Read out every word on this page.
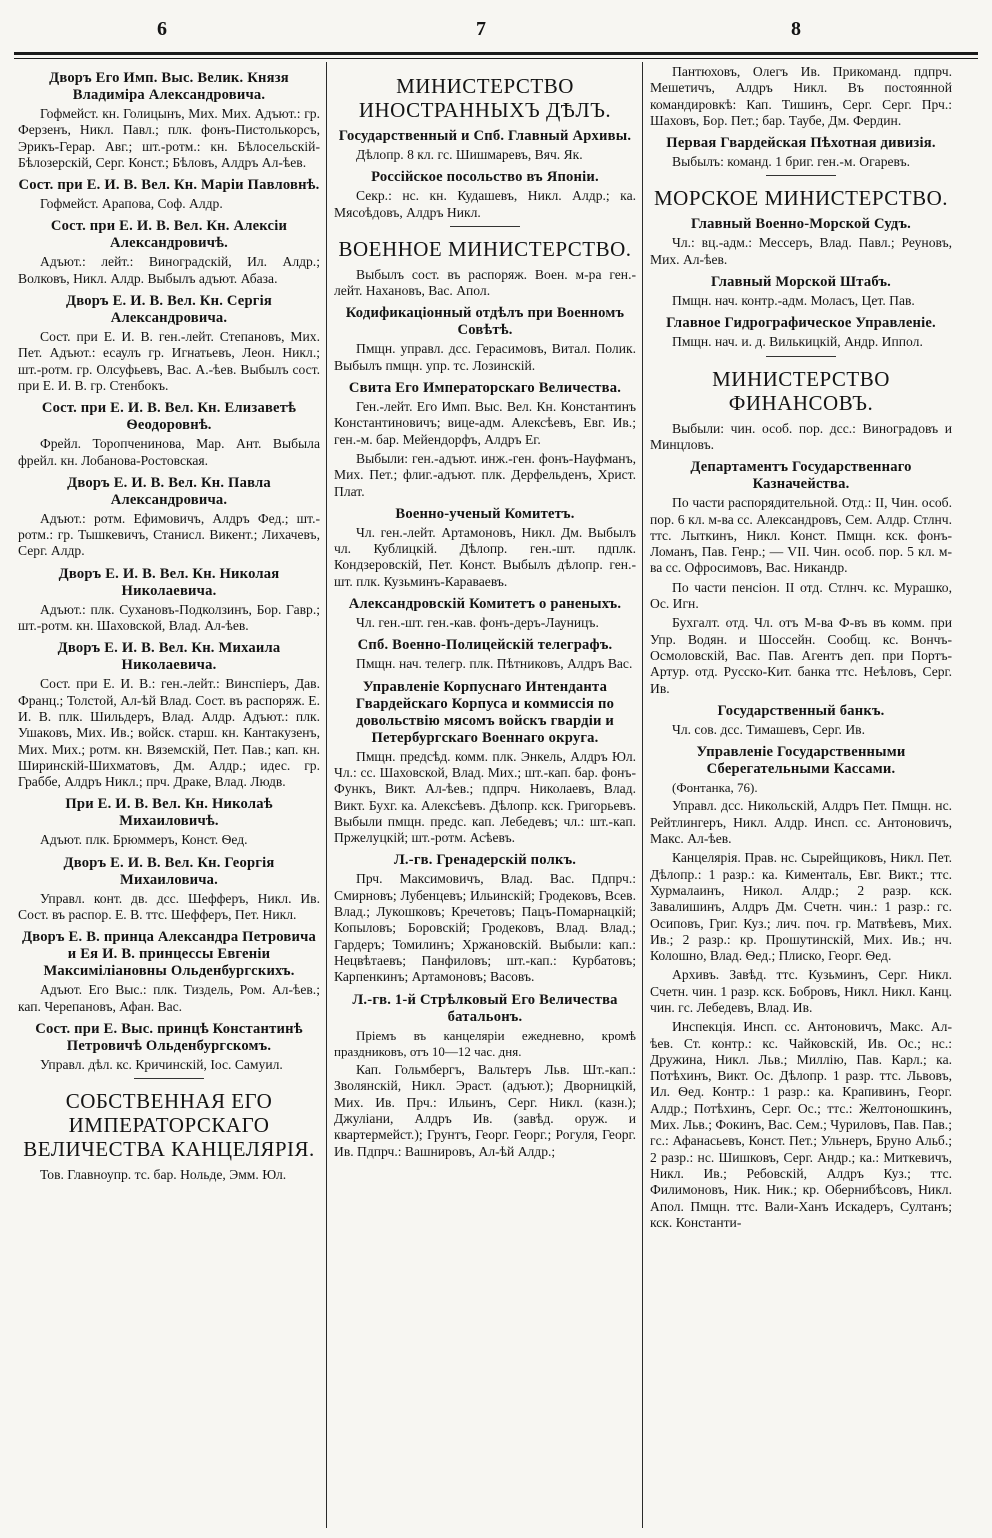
6	7	8
Дворъ Его Имп. Выс. Велик. Князя Владиміра Александровича.
Гофмейст. кн. Голицынъ, Мих. Мих. Адъют.: гр. Ферзенъ, Никл. Павл.; плк. фонъ-Пистолькорсъ, Эрикъ-Герар. Авг.; шт.-ротм.: кн. Бѣлосельскій-Бѣлозерскій, Серг. Конст.; Бѣловъ, Алдръ Ал-ѣев.
Сост. при Е. И. В. Вел. Кн. Маріи Павловнѣ.
Гофмейст. Арапова, Соф. Алдр.
Сост. при Е. И. В. Вел. Кн. Алексіи Александровичѣ.
Адъют.: лейт.: Виноградскій, Ил. Алдр.; Волковъ, Никл. Алдр. Выбылъ адъют. Абаза.
Дворъ Е. И. В. Вел. Кн. Сергія Александровича.
Сост. при Е. И. В. ген.-лейт. Степановъ, Мих. Пет. Адъют.: есаулъ гр. Игнатьевъ, Леон. Никл.; шт.-ротм. гр. Олсуфьевъ, Вас. А.-ѣев. Выбылъ сост. при Е. И. В. гр. Стенбокъ.
Сост. при Е. И. В. Вел. Кн. Елизаветѣ Ѳеодоровнѣ.
Фрейл. Торопченинова, Мар. Ант. Выбыла фрейл. кн. Лобанова-Ростовская.
Дворъ Е. И. В. Вел. Кн. Павла Александровича.
Адъют.: ротм. Ефимовичъ, Алдръ Фед.; шт.-ротм.: гр. Тышкевичъ, Станисл. Викент.; Лихачевъ, Серг. Алдр.
Дворъ Е. И. В. Вел. Кн. Николая Николаевича.
Адъют.: плк. Сухановъ-Подколзинъ, Бор. Гавр.; шт.-ротм. кн. Шаховской, Влад. Ал-ѣев.
Дворъ Е. И. В. Вел. Кн. Михаила Николаевича.
Сост. при Е. И. В.: ген.-лейт.: Винспіеръ, Дав. Франц.; Толстой, Ал-ѣй Влад. Сост. въ распоряж. Е. И. В. плк. Шильдеръ, Влад. Алдр. Адъют.: плк. Ушаковъ, Мих. Ив.; войск. старш. кн. Кантакузенъ, Мих. Мих.; ротм. кн. Вяземскій, Пет. Пав.; кап. кн. Ширинскій-Шихматовъ, Дм. Алдр.; идес. гр. Граббе, Алдръ Никл.; прч. Драке, Влад. Людв.
При Е. И. В. Вел. Кн. Николаѣ Михаиловичѣ.
Адъют. плк. Брюммеръ, Конст. Ѳед.
Дворъ Е. И. В. Вел. Кн. Георгія Михаиловича.
Управл. конт. дв. дсс. Шефферъ, Никл. Ив. Сост. въ распор. Е. В. ттс. Шефферъ, Пет. Никл.
Дворъ Е. В. принца Александра Петровича и Ея И. В. принцессы Евгеніи Максиміліановны Ольденбургскихъ.
Адъют. Его Выс.: плк. Тиздель, Ром. Ал-ѣев.; кап. Черепановъ, Афан. Вас.
Сост. при Е. Выс. принцѣ Константинѣ Петровичѣ Ольденбургскомъ.
Управл. дѣл. кс. Кричинскій, Іос. Самуил.
СОБСТВЕННАЯ ЕГО ИМПЕРАТОРСКАГО ВЕЛИЧЕСТВА КАНЦЕЛЯРІЯ.
Тов. Главноупр. тс. бар. Нольде, Эмм. Юл.
МИНИСТЕРСТВО ИНОСТРАННЫХЪ ДѢЛЪ.
Государственный и Спб. Главный Архивы.
Дѣлопр. 8 кл. гс. Шишмаревъ, Вяч. Як.
Россійское посольство въ Японіи.
Секр.: нс. кн. Кудашевъ, Никл. Алдр.; ка. Мясоѣдовъ, Алдръ Никл.
ВОЕННОЕ МИНИСТЕРСТВО.
Выбылъ сост. въ распоряж. Воен. м-ра ген.-лейт. Нахановъ, Вас. Апол.
Кодификаціонный отдѣлъ при Военномъ Совѣтѣ.
Пмщн. управл. дсс. Герасимовъ, Витал. Полик. Выбылъ пмщн. упр. тс. Лозинскій.
Свита Его Императорскаго Величества.
Ген.-лейт. Его Имп. Выс. Вел. Кн. Константинъ Константиновичъ; вице-адм. Алексѣевъ, Евг. Ив.; ген.-м. бар. Мейендорфъ, Алдръ Ег.
Выбыли: ген.-адъют. инж.-ген. фонъ-Науфманъ, Мих. Пет.; флиг.-адъют. плк. Дерфельденъ, Христ. Плат.
Военно-ученый Комитетъ.
Чл. ген.-лейт. Артамоновъ, Никл. Дм. Выбылъ чл. Кублицкій. Дѣлопр. ген.-шт. пдплк. Кондзеровскій, Пет. Конст. Выбылъ дѣлопр. ген.-шт. плк. Кузьминъ-Караваевъ.
Александровскій Комитетъ о раненыхъ.
Чл. ген.-шт. ген.-кав. фонъ-деръ-Лауницъ.
Спб. Военно-Полицейскій телеграфъ.
Пмщн. нач. телегр. плк. Пѣтниковъ, Алдръ Вас.
Управленіе Корпуснаго Интенданта Гвардейскаго Корпуса и коммиссія по довольствію мясомъ войскъ гвардіи и Петербургскаго Военнаго округа.
Пмщн. предсѣд. комм. плк. Энкель, Алдръ Юл. Чл.: сс. Шаховской, Влад. Мих.; шт.-кап. бар. фонъ-Функъ, Викт. Ал-ѣев.; пдпрч. Николаевъ, Влад. Викт. Бухг. ка. Алексѣевъ. Дѣлопр. кск. Григорьевъ. Выбыли пмщн. предс. кап. Лебедевъ; чл.: шт.-кап. Пржелуцкій; шт.-ротм. Асѣевъ.
Л.-гв. Гренадерскій полкъ.
Прч. Максимовичъ, Влад. Вас. Пдпрч.: Смирновъ; Лубенцевъ; Ильинскій; Гродековъ, Всев. Влад.; Лукошковъ; Кречетовъ; Пацъ-Помарнацкій; Копыловъ; Боровскій; Гродековъ, Влад. Влад.; Гардеръ; Томилинъ; Хржановскій. Выбыли: кап.: Нецвѣтаевъ; Панфиловъ; шт.-кап.: Курбатовъ; Карпенкинъ; Артамоновъ; Васовъ.
Л.-гв. 1-й Стрѣлковый Его Величества батальонъ.
Пріемъ въ канцеляріи ежедневно, кромѣ праздниковъ, отъ 10—12 час. дня.
Кап. Гольмбергъ, Вальтеръ Льв. Шт.-кап.: Зволянскій, Никл. Эраст. (адъют.); Дворницкій, Мих. Ив. Прч.: Ильинъ, Серг. Никл. (казн.); Джуліани, Алдръ Ив. (завѣд. оруж. и квартермейст.); Грунтъ, Георг. Георг.; Рогуля, Георг. Ив. Пдпрч.: Вашнировъ, Ал-ѣй Алдр.;
Пантюховъ, Олегъ Ив. Прикоманд. пдпрч. Мешетичъ, Алдръ Никл. Въ постоянной командировкѣ: Кап. Тишинъ, Серг. Серг. Прч.: Шаховъ, Бор. Пет.; бар. Таубе, Дм. Фердин.
Первая Гвардейская Пѣхотная дивизія.
Выбылъ: команд. 1 бриг. ген.-м. Огаревъ.
МОРСКОЕ МИНИСТЕРСТВО.
Главный Военно-Морской Судъ.
Чл.: вц.-адм.: Мессеръ, Влад. Павл.; Реуновъ, Мих. Ал-ѣев.
Главный Морской Штабъ.
Пмщн. нач. контр.-адм. Моласъ, Цет. Пав.
Главное Гидрографическое Управленіе.
Пмщн. нач. и. д. Вилькицкій, Андр. Иппол.
МИНИСТЕРСТВО ФИНАНСОВЪ.
Выбыли: чин. особ. пор. дсс.: Виноградовъ и Минцловъ.
Департаментъ Государственнаго Казначейства.
По части распорядительной. Отд.: II, Чин. особ. пор. 6 кл. м-ва сс. Александровъ, Сем. Алдр. Стлнч. ттс. Лыткинъ, Никл. Конст. Пмщн. кск. фонъ-Ломанъ, Пав. Генр.; — VII. Чин. особ. пор. 5 кл. м-ва сс. Офросимовъ, Вас. Никандр.
По части пенсіон. II отд. Стлнч. кс. Мурашко, Ос. Игн.
Бухгалт. отд. Чл. отъ М-ва Ф-въ въ комм. при Упр. Водян. и Шоссейн. Сообщ. кс. Вончъ-Осмоловскій, Вас. Пав. Агентъ деп. при Портъ-Артур. отд. Русско-Кит. банка ттс. Неѣловъ, Серг. Ив.
Государственный банкъ.
Чл. сов. дсс. Тимашевъ, Серг. Ив.
Управленіе Государственными Сберегательными Кассами.
(Фонтанка, 76).
Управл. дсс. Никольскій, Алдръ Пет. Пмщн. нс. Рейтлингеръ, Никл. Алдр. Инсп. сс. Антоновичъ, Макс. Ал-ѣев.
Канцелярія. Прав. нс. Сырейщиковъ, Никл. Пет. Дѣлопр.: 1 разр.: ка. Кименталь, Евг. Викт.; ттс. Хурмалаинъ, Никол. Алдр.; 2 разр. кск. Завалишинъ, Алдръ Дм. Счетн. чин.: 1 разр.: гс. Осиповъ, Григ. Куз.; лич. поч. гр. Матвѣевъ, Мих. Ив.; 2 разр.: кр. Прошутинскій, Мих. Ив.; нч. Колошно, Влад. Ѳед.; Плиско, Георг. Ѳед.
Архивъ. Завѣд. ттс. Кузьминъ, Серг. Никл. Счетн. чин. 1 разр. кск. Бобровъ, Никл. Никл. Канц. чин. гс. Лебедевъ, Влад. Ив.
Инспекція. Инсп. сс. Антоновичъ, Макс. Ал-ѣев. Ст. контр.: кс. Чайковскій, Ив. Ос.; нс.: Дружина, Никл. Льв.; Миллію, Пав. Карл.; ка. Потѣхинъ, Викт. Ос. Дѣлопр. 1 разр. ттс. Львовъ, Ил. Ѳед. Контр.: 1 разр.: ка. Крапивинъ, Георг. Алдр.; Потѣхинъ, Серг. Ос.; ттс.: Желтоношкинъ, Мих. Льв.; Фокинъ, Вас. Сем.; Чуриловъ, Пав. Пав.; гс.: Афанасьевъ, Конст. Пет.; Ульнеръ, Бруно Альб.; 2 разр.: нс. Шишковъ, Серг. Андр.; ка.: Миткевичъ, Никл. Ив.; Ребовскій, Алдръ Куз.; ттс. Филимоновъ, Ник. Ник.; кр. Обернибѣсовъ, Никл. Апол. Пмщн. ттс. Вали-Ханъ Искадеръ, Султанъ; кск. Константи-
